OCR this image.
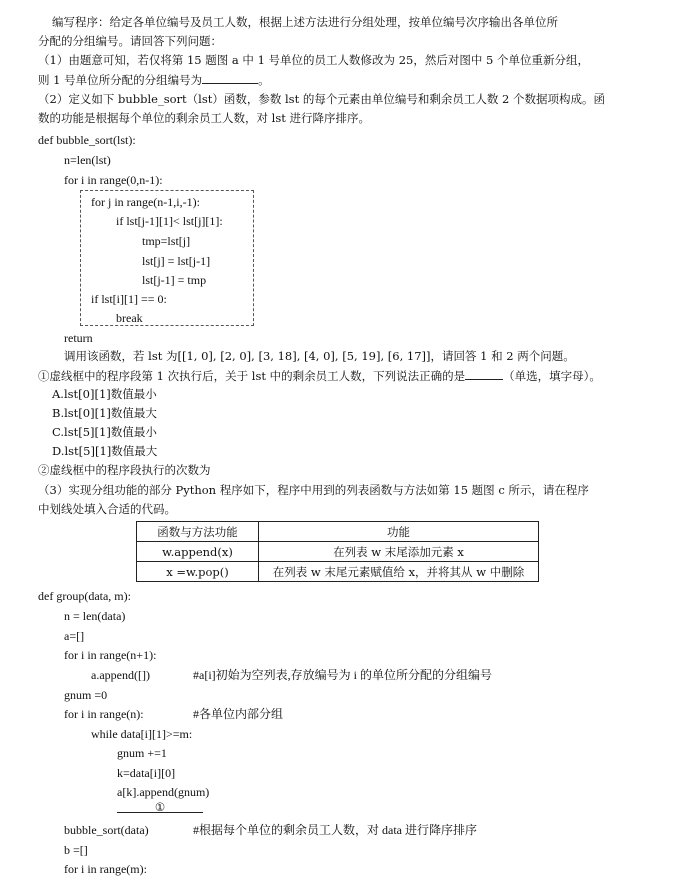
编写程序：给定各单位编号及员工人数，根据上述方法进行分组处理，按单位编号次序输出各单位所
分配的分组编号。请回答下列问题：
（1）由题意可知，若仅将第 15 题图 a 中 1 号单位的员工人数修改为 25，然后对图中 5 个单位重新分组，
则 1 号单位所分配的分组编号为	。
（2）定义如下 bubble_sort（lst）函数，参数 lst 的每个元素由单位编号和剩余员工人数 2 个数据项构成。函
数的功能是根据每个单位的剩余员工人数，对 lst 进行降序排序。
def bubble_sort(lst):
n=len(lst)
for i in range(0,n-1):
for j in range(n-1,i,-1):
if lst[j-1][1]< lst[j][1]:
tmp=lst[j]
lst[j] = lst[j-1]
lst[j-1] = tmp
if lst[i][1] == 0:
break
return
调用该函数，若 lst 为[[1, 0], [2, 0], [3, 18], [4, 0], [5, 19], [6, 17]]，请回答 1 和 2 两个问题。
①虚线框中的程序段第 1 次执行后，关于 lst 中的剩余员工人数，下列说法正确的是	（单选，填字母）。
A.lst[0][1]数值最小
B.lst[0][1]数值最大
C.lst[5][1]数值最小
D.lst[5][1]数值最大
②虚线框中的程序段执行的次数为
（3）实现分组功能的部分 Python 程序如下，程序中用到的列表函数与方法如第 15 题图 c 所示，请在程序
中划线处填入合适的代码。
函数与方法功能	功能
w.append(x)	在列表 w 末尾添加元素 x
x =w.pop()	在列表 w 末尾元素赋值给 x，并将其从 w 中删除
def group(data, m):
n = len(data)
a=[]
for i in range(n+1):
a.append([])	#a[i]初始为空列表,存放编号为 i 的单位所分配的分组编号
gnum =0
for i in range(n):	#各单位内部分组
while data[i][1]>=m:
gnum +=1
k=data[i][0]
a[k].append(gnum)
①
bubble_sort(data)	#根据每个单位的剩余员工人数，对 data 进行降序排序
b =[]
for i in range(m):
